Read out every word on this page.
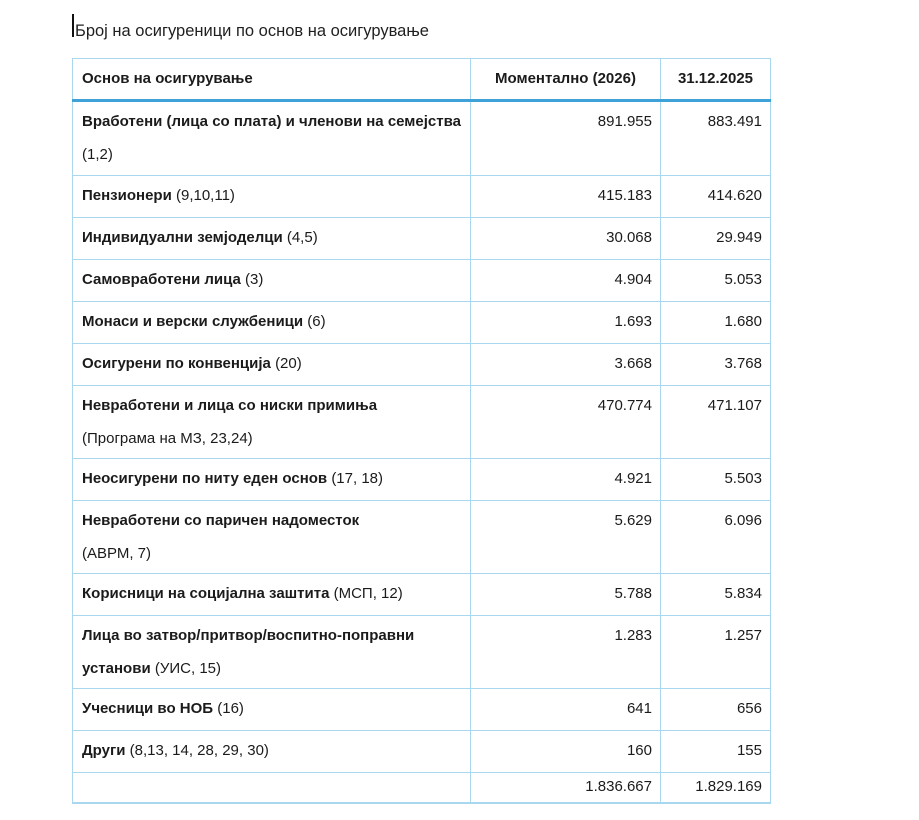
Број на осигуреници по основ на осигурување
Основ на осигурување	Моментално (2026)	31.12.2025
Вработени (лица со плата) и членови на семејства (1,2)	891.955	883.491
Пензионери (9,10,11)	415.183	414.620
Индивидуални земјоделци (4,5)	30.068	29.949
Самовработени лица (3)	4.904	5.053
Монаси и верски службеници (6)	1.693	1.680
Осигурени по конвенција (20)	3.668	3.768
Невработени и лица со ниски примиња
(Програма на МЗ, 23,24)	470.774	471.107
Неосигурени по ниту еден основ (17, 18)	4.921	5.503
Невработени со паричен надоместок
(АВРМ, 7)	5.629	6.096
Корисници на социјална заштита (МСП, 12)	5.788	5.834
Лица во затвор/притвор/воспитно-поправни установи (УИС, 15)	1.283	1.257
Учесници во НОБ (16)	641	656
Други (8,13, 14, 28, 29, 30)	160	155
	1.836.667	1.829.169
